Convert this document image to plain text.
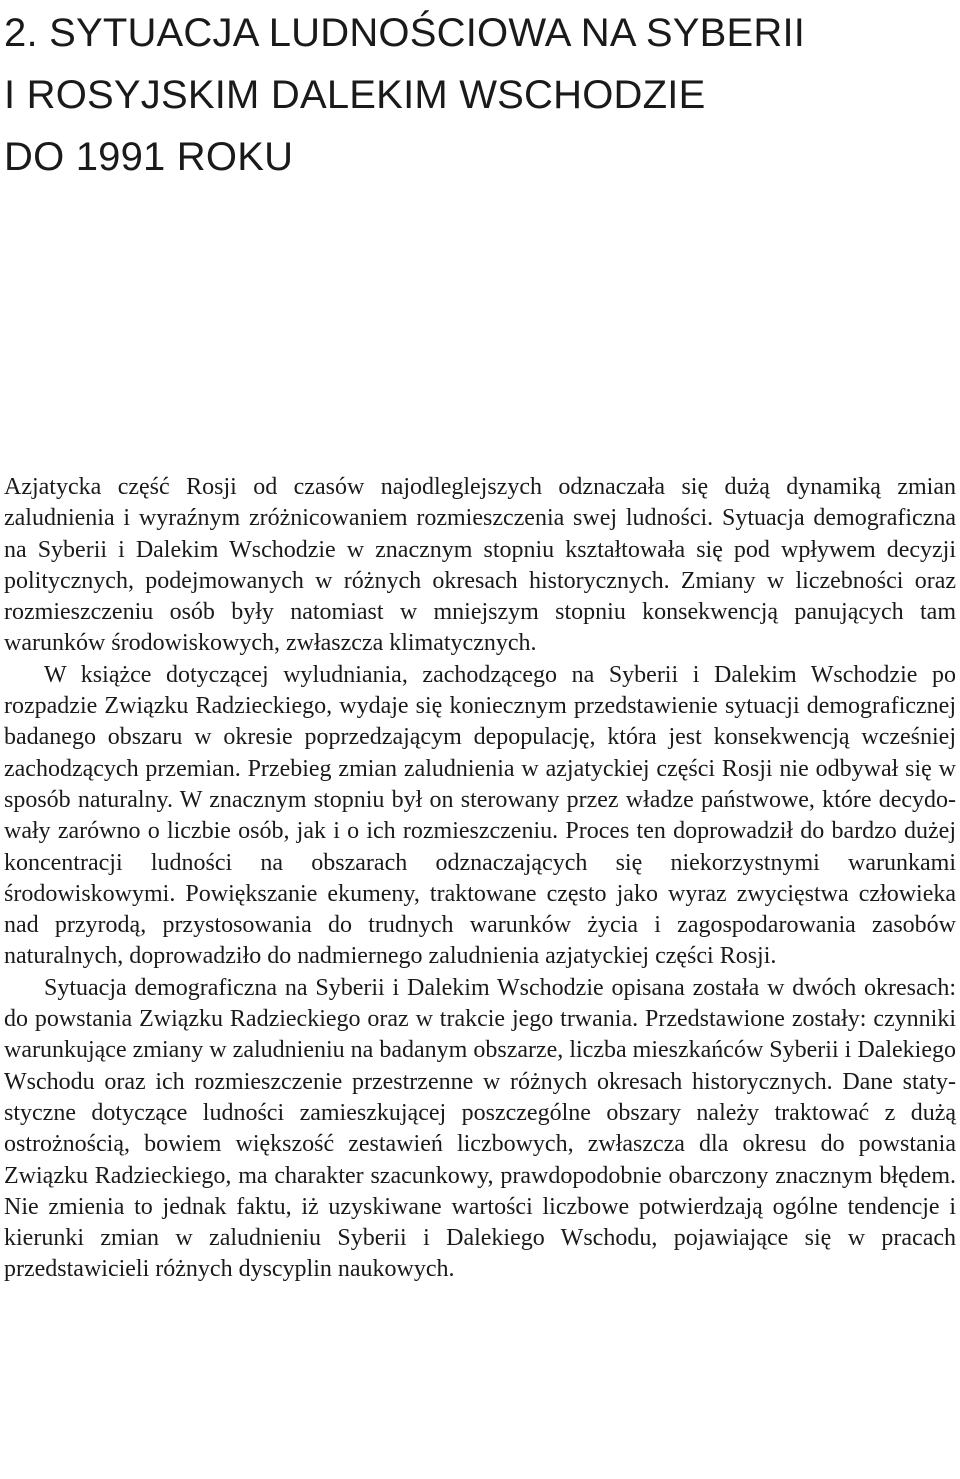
2. SYTUACJA LUDNOŚCIOWA NA SYBERII
I ROSYJSKIM DALEKIM WSCHODZIE
DO 1991 ROKU

Azjatycka część Rosji od czasów najodleglejszych odznaczała się dużą dynamiką zmian zaludnienia i wyraźnym zróżnicowaniem rozmieszczenia swej ludności. Sytuacja demograficzna na Syberii i Dalekim Wschodzie w znacznym stopniu kształtowała się pod wpływem decyzji politycznych, podejmowanych w różnych okresach historycznych. Zmiany w liczebności oraz rozmieszczeniu osób były natomiast w mniejszym stopniu konsekwencją panujących tam warunków środowiskowych, zwłaszcza klimatycznych.

W książce dotyczącej wyludniania, zachodzącego na Syberii i Dalekim Wschodzie po rozpadzie Związku Radzieckiego, wydaje się koniecznym przedstawienie sytuacji demograficznej badanego obszaru w okresie poprzedzającym depopulację, która jest konsekwencją wcześniej zachodzących przemian. Przebieg zmian zaludnienia w azjatyckiej części Rosji nie odbywał się w sposób naturalny. W znacznym stopniu był on sterowany przez władze państwowe, które decydowały zarówno o liczbie osób, jak i o ich rozmieszczeniu. Proces ten doprowadził do bardzo dużej koncentracji ludności na obszarach odznaczających się niekorzystnymi warunkami środowiskowymi. Powiększanie ekumeny, traktowane często jako wyraz zwycięstwa człowieka nad przyrodą, przystosowania do trudnych warunków życia i zagospodarowania zasobów naturalnych, doprowadziło do nadmiernego zaludnienia azjatyckiej części Rosji.

Sytuacja demograficzna na Syberii i Dalekim Wschodzie opisana została w dwóch okresach: do powstania Związku Radzieckiego oraz w trakcie jego trwania. Przedstawione zostały: czynniki warunkujące zmiany w zaludnieniu na badanym obszarze, liczba mieszkańców Syberii i Dalekiego Wschodu oraz ich rozmieszczenie przestrzenne w różnych okresach historycznych. Dane statystyczne dotyczące ludności zamieszkującej poszczególne obszary należy traktować z dużą ostrożnością, bowiem większość zestawień liczbowych, zwłaszcza dla okresu do powstania Związku Radzieckiego, ma charakter szacunkowy, prawdopodobnie obarczony znacznym błędem. Nie zmienia to jednak faktu, iż uzyskiwane wartości liczbowe potwierdzają ogólne tendencje i kierunki zmian w zaludnieniu Syberii i Dalekiego Wschodu, pojawiające się w pracach przedstawicieli różnych dyscyplin naukowych.
